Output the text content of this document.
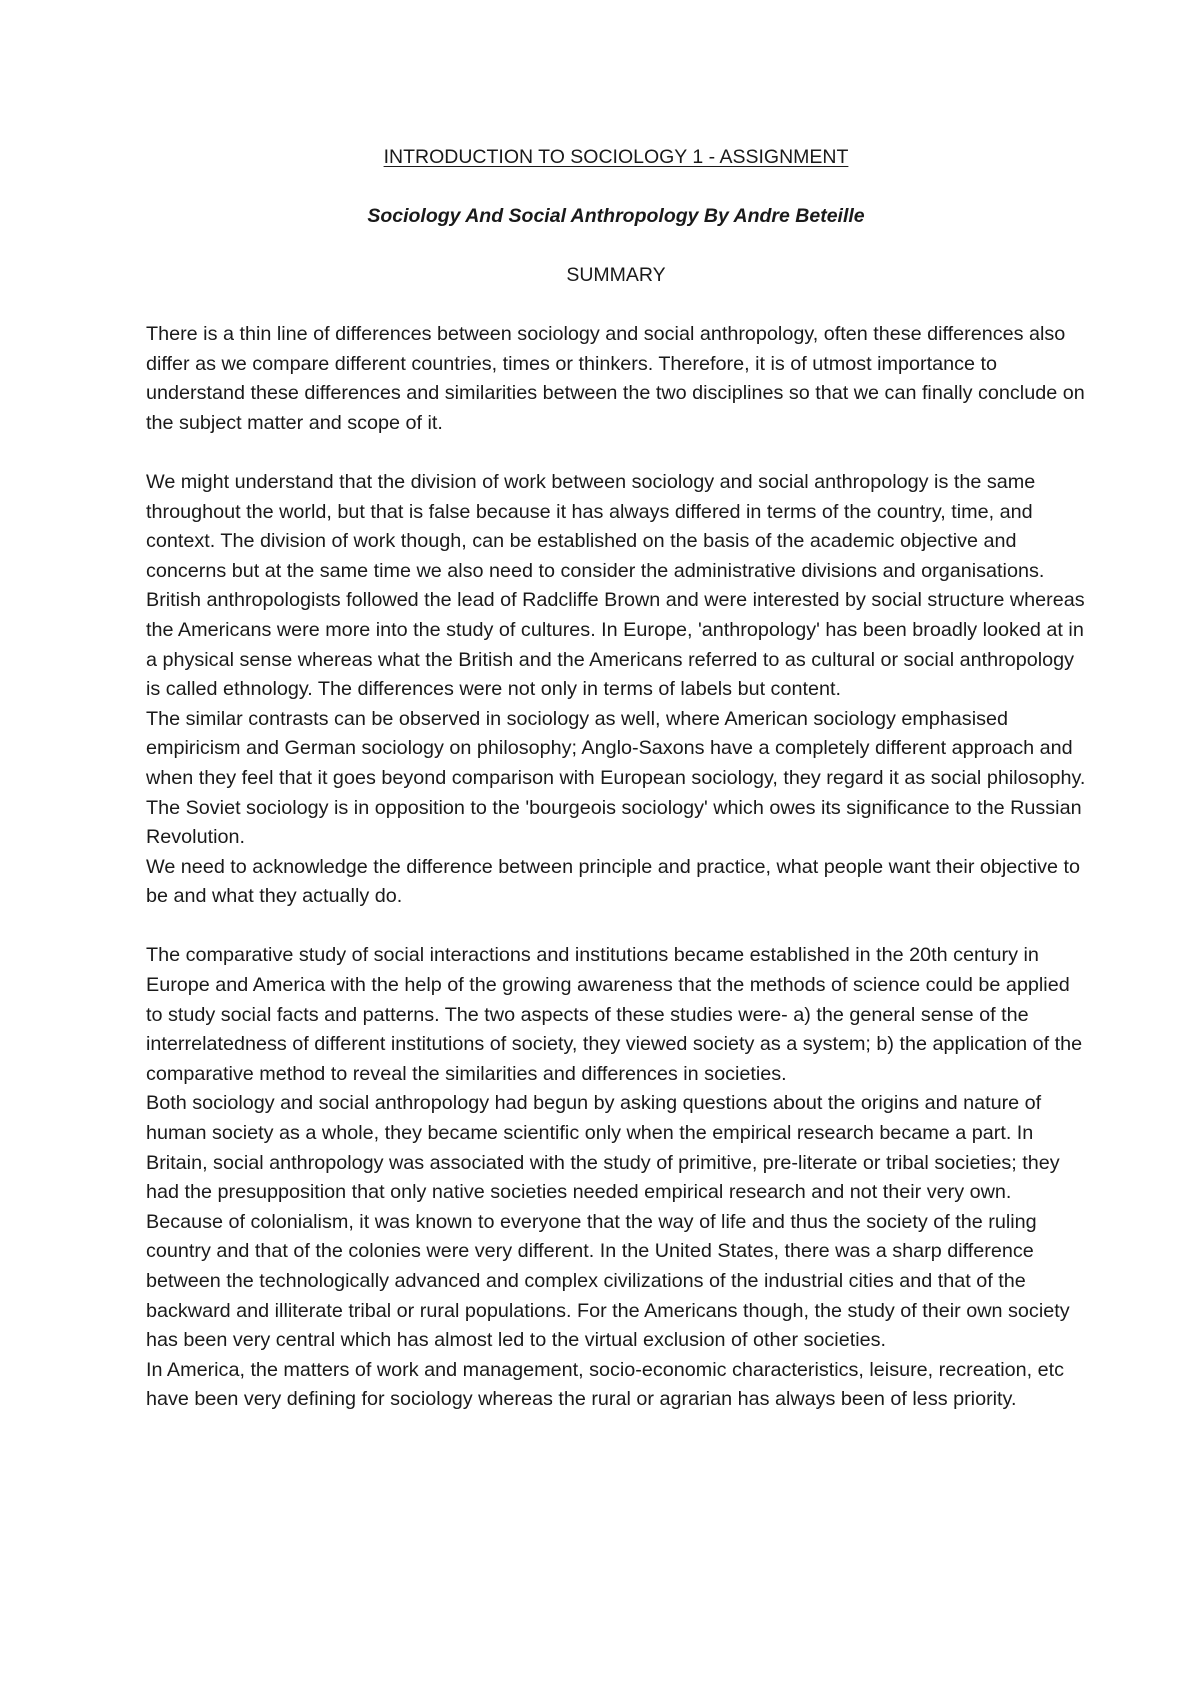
INTRODUCTION TO SOCIOLOGY 1 - ASSIGNMENT
Sociology And Social Anthropology By Andre Beteille
SUMMARY

There is a thin line of differences between sociology and social anthropology, often these differences also differ as we compare different countries, times or thinkers. Therefore, it is of utmost importance to understand these differences and similarities between the two disciplines so that we can finally conclude on the subject matter and scope of it.

We might understand that the division of work between sociology and social anthropology is the same throughout the world, but that is false because it has always differed in terms of the country, time, and context. The division of work though, can be established on the basis of the academic objective and concerns but at the same time we also need to consider the administrative divisions and organisations.

British anthropologists followed the lead of Radcliffe Brown and were interested by social structure whereas the Americans were more into the study of cultures. In Europe, 'anthropology' has been broadly looked at in a physical sense whereas what the British and the Americans referred to as cultural or social anthropology is called ethnology. The differences were not only in terms of labels but content.

The similar contrasts can be observed in sociology as well, where American sociology emphasised empiricism and German sociology on philosophy; Anglo-Saxons have a completely different approach and when they feel that it goes beyond comparison with European sociology, they regard it as social philosophy. The Soviet sociology is in opposition to the 'bourgeois sociology' which owes its significance to the Russian Revolution.

We need to acknowledge the difference between principle and practice, what people want their objective to be and what they actually do.

The comparative study of social interactions and institutions became established in the 20th century in Europe and America with the help of the growing awareness that the methods of science could be applied to study social facts and patterns. The two aspects of these studies were- a) the general sense of the interrelatedness of different institutions of society, they viewed society as a system; b) the application of the comparative method to reveal the similarities and differences in societies.

Both sociology and social anthropology had begun by asking questions about the origins and nature of human society as a whole, they became scientific only when the empirical research became a part. In Britain, social anthropology was associated with the study of primitive, pre-literate or tribal societies; they had the presupposition that only native societies needed empirical research and not their very own. Because of colonialism, it was known to everyone that the way of life and thus the society of the ruling country and that of the colonies were very different. In the United States, there was a sharp difference between the technologically advanced and complex civilizations of the industrial cities and that of the backward and illiterate tribal or rural populations. For the Americans though, the study of their own society has been very central which has almost led to the virtual exclusion of other societies.

In America, the matters of work and management, socio-economic characteristics, leisure, recreation, etc have been very defining for sociology whereas the rural or agrarian has always been of less priority.
